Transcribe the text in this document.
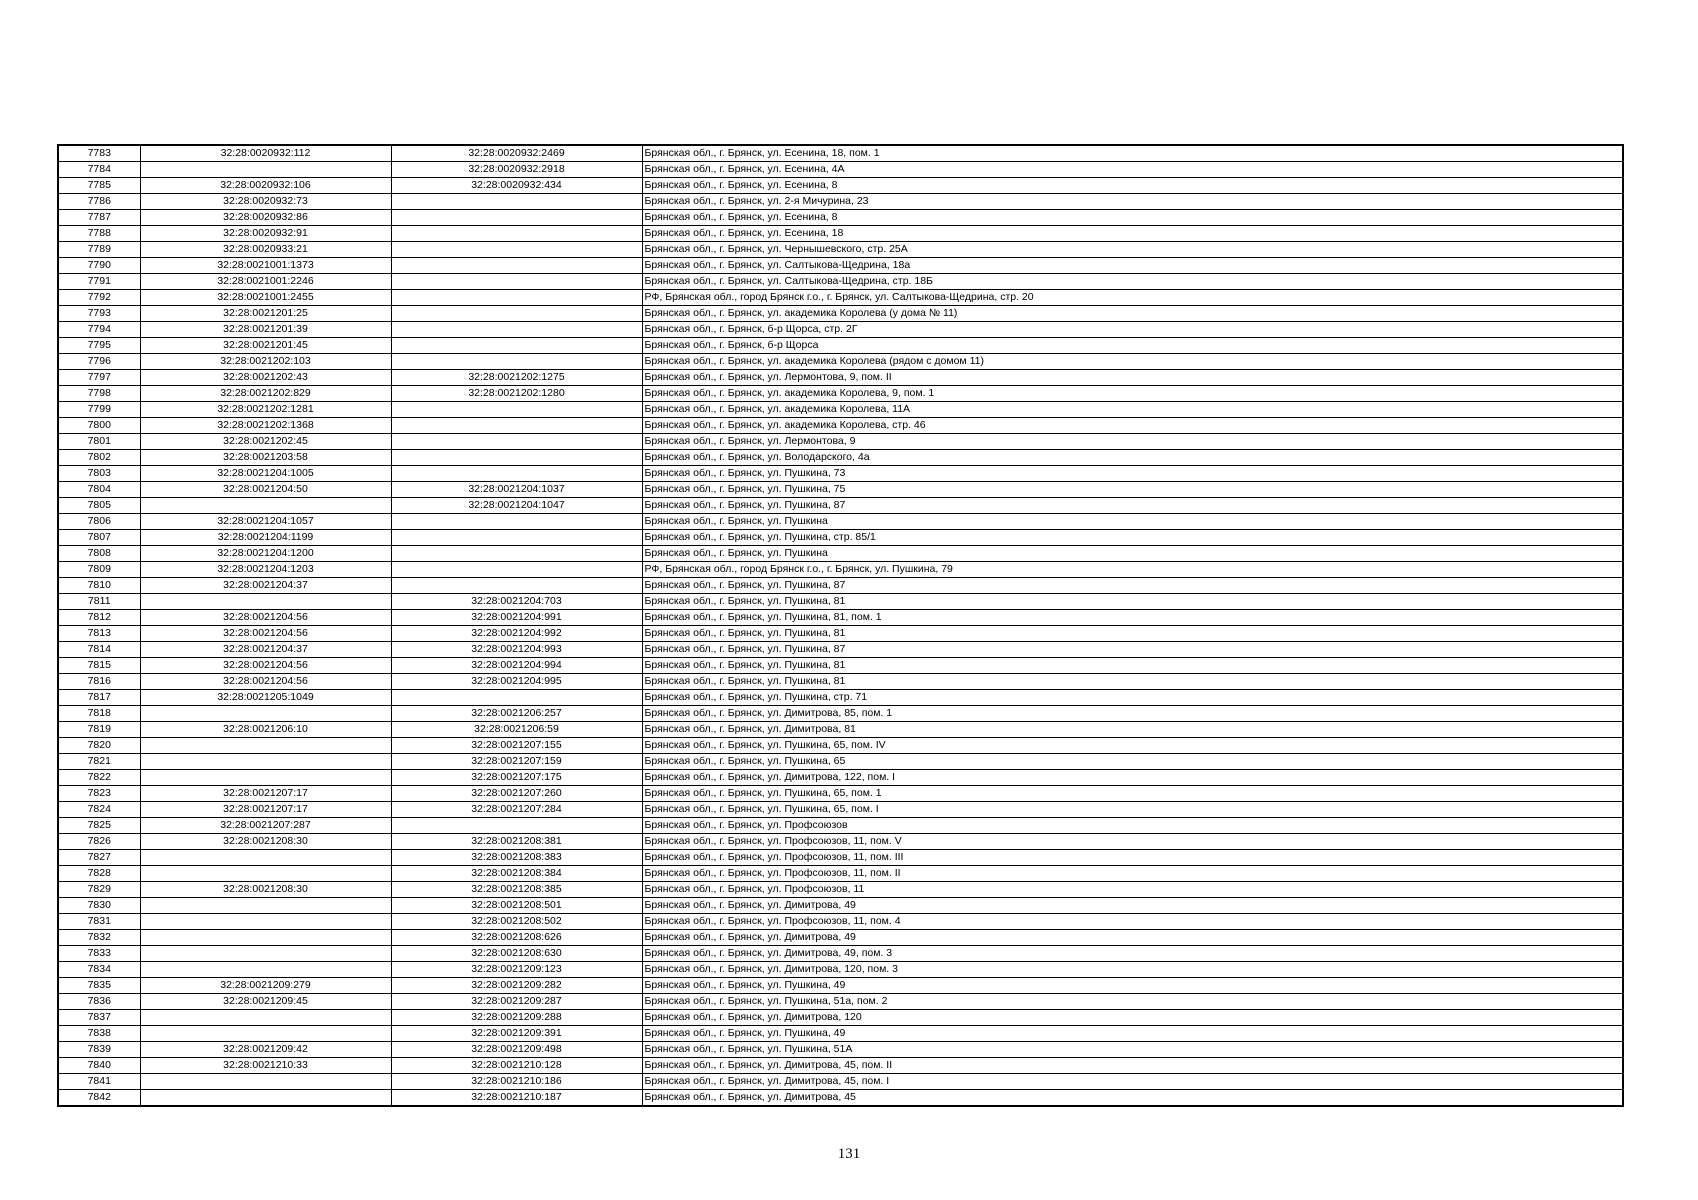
7783	32:28:0020932:112	32:28:0020932:2469	Брянская обл., г. Брянск, ул. Есенина, 18, пом. 1
7784		32:28:0020932:2918	Брянская обл., г. Брянск, ул. Есенина, 4А
7785	32:28:0020932:106	32:28:0020932:434	Брянская обл., г. Брянск, ул. Есенина, 8
7786	32:28:0020932:73		Брянская обл., г. Брянск, ул. 2-я Мичурина, 23
7787	32:28:0020932:86		Брянская обл., г. Брянск, ул. Есенина, 8
7788	32:28:0020932:91		Брянская обл., г. Брянск, ул. Есенина, 18
7789	32:28:0020933:21		Брянская обл., г. Брянск, ул. Чернышевского, стр. 25А
7790	32:28:0021001:1373		Брянская обл., г. Брянск, ул. Салтыкова-Щедрина, 18а
7791	32:28:0021001:2246		Брянская обл., г. Брянск, ул. Салтыкова-Щедрина, стр. 18Б
7792	32:28:0021001:2455		РФ, Брянская обл., город Брянск г.о., г. Брянск, ул. Салтыкова-Щедрина, стр. 20
7793	32:28:0021201:25		Брянская обл., г. Брянск, ул. академика Королева (у дома № 11)
7794	32:28:0021201:39		Брянская обл., г. Брянск, б-р Щорса, стр. 2Г
7795	32:28:0021201:45		Брянская обл., г. Брянск, б-р Щорса
7796	32:28:0021202:103		Брянская обл., г. Брянск, ул. академика Королева (рядом с домом 11)
7797	32:28:0021202:43	32:28:0021202:1275	Брянская обл., г. Брянск, ул. Лермонтова, 9, пом. II
7798	32:28:0021202:829	32:28:0021202:1280	Брянская обл., г. Брянск, ул. академика Королева, 9, пом. 1
7799	32:28:0021202:1281		Брянская обл., г. Брянск, ул. академика Королева, 11А
7800	32:28:0021202:1368		Брянская обл., г. Брянск, ул. академика Королева, стр. 46
7801	32:28:0021202:45		Брянская обл., г. Брянск, ул. Лермонтова, 9
7802	32:28:0021203:58		Брянская обл., г. Брянск, ул. Володарского, 4а
7803	32:28:0021204:1005		Брянская обл., г. Брянск, ул. Пушкина, 73
7804	32:28:0021204:50	32:28:0021204:1037	Брянская обл., г. Брянск, ул. Пушкина, 75
7805		32:28:0021204:1047	Брянская обл., г. Брянск, ул. Пушкина, 87
7806	32:28:0021204:1057		Брянская обл., г. Брянск, ул. Пушкина
7807	32:28:0021204:1199		Брянская обл., г. Брянск, ул. Пушкина, стр. 85/1
7808	32:28:0021204:1200		Брянская обл., г. Брянск, ул. Пушкина
7809	32:28:0021204:1203		РФ, Брянская обл., город Брянск г.о., г. Брянск, ул. Пушкина, 79
7810	32:28:0021204:37		Брянская обл., г. Брянск, ул. Пушкина, 87
7811		32:28:0021204:703	Брянская обл., г. Брянск, ул. Пушкина, 81
7812	32:28:0021204:56	32:28:0021204:991	Брянская обл., г. Брянск, ул. Пушкина, 81, пом. 1
7813	32:28:0021204:56	32:28:0021204:992	Брянская обл., г. Брянск, ул. Пушкина, 81
7814	32:28:0021204:37	32:28:0021204:993	Брянская обл., г. Брянск, ул. Пушкина, 87
7815	32:28:0021204:56	32:28:0021204:994	Брянская обл., г. Брянск, ул. Пушкина, 81
7816	32:28:0021204:56	32:28:0021204:995	Брянская обл., г. Брянск, ул. Пушкина, 81
7817	32:28:0021205:1049		Брянская обл., г. Брянск, ул. Пушкина, стр. 71
7818		32:28:0021206:257	Брянская обл., г. Брянск, ул. Димитрова, 85, пом. 1
7819	32:28:0021206:10	32:28:0021206:59	Брянская обл., г. Брянск, ул. Димитрова, 81
7820		32:28:0021207:155	Брянская обл., г. Брянск, ул. Пушкина, 65, пом. IV
7821		32:28:0021207:159	Брянская обл., г. Брянск, ул. Пушкина, 65
7822		32:28:0021207:175	Брянская обл., г. Брянск, ул. Димитрова, 122, пом. I
7823	32:28:0021207:17	32:28:0021207:260	Брянская обл., г. Брянск, ул. Пушкина, 65, пом. 1
7824	32:28:0021207:17	32:28:0021207:284	Брянская обл., г. Брянск, ул. Пушкина, 65, пом. I
7825	32:28:0021207:287		Брянская обл., г. Брянск, ул. Профсоюзов
7826	32:28:0021208:30	32:28:0021208:381	Брянская обл., г. Брянск, ул. Профсоюзов, 11, пом. V
7827		32:28:0021208:383	Брянская обл., г. Брянск, ул. Профсоюзов, 11, пом. III
7828		32:28:0021208:384	Брянская обл., г. Брянск, ул. Профсоюзов, 11, пом. II
7829	32:28:0021208:30	32:28:0021208:385	Брянская обл., г. Брянск, ул. Профсоюзов, 11
7830		32:28:0021208:501	Брянская обл., г. Брянск, ул. Димитрова, 49
7831		32:28:0021208:502	Брянская обл., г. Брянск, ул. Профсоюзов, 11, пом. 4
7832		32:28:0021208:626	Брянская обл., г. Брянск, ул. Димитрова, 49
7833		32:28:0021208:630	Брянская обл., г. Брянск, ул. Димитрова, 49, пом. 3
7834		32:28:0021209:123	Брянская обл., г. Брянск, ул. Димитрова, 120, пом. 3
7835	32:28:0021209:279	32:28:0021209:282	Брянская обл., г. Брянск, ул. Пушкина, 49
7836	32:28:0021209:45	32:28:0021209:287	Брянская обл., г. Брянск, ул. Пушкина, 51а, пом. 2
7837		32:28:0021209:288	Брянская обл., г. Брянск, ул. Димитрова, 120
7838		32:28:0021209:391	Брянская обл., г. Брянск, ул. Пушкина, 49
7839	32:28:0021209:42	32:28:0021209:498	Брянская обл., г. Брянск, ул. Пушкина, 51А
7840	32:28:0021210:33	32:28:0021210:128	Брянская обл., г. Брянск, ул. Димитрова, 45, пом. II
7841		32:28:0021210:186	Брянская обл., г. Брянск, ул. Димитрова, 45, пом. I
7842		32:28:0021210:187	Брянская обл., г. Брянск, ул. Димитрова, 45
131
